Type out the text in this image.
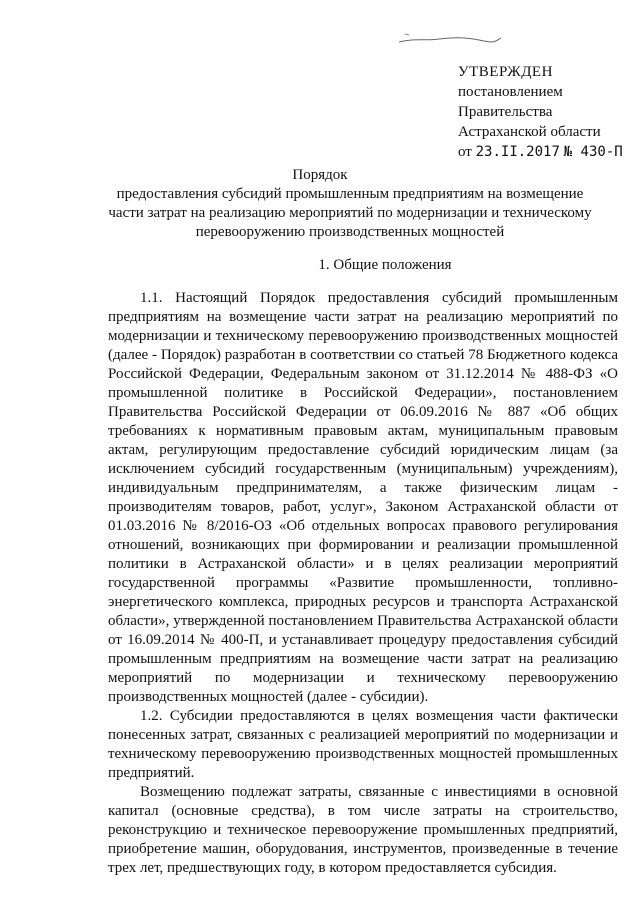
УТВЕРЖДЕН
постановлением
Правительства
Астраханской области
от 23.II.2017 № 430-П
Порядок
предоставления субсидий промышленным предприятиям на возмещение части затрат на реализацию мероприятий по модернизации и техническому перевооружению производственных мощностей
1. Общие положения

1.1. Настоящий Порядок предоставления субсидий промышленным предприятиям на возмещение части затрат на реализацию мероприятий по модернизации и техническому перевооружению производственных мощностей (далее - Порядок) разработан в соответствии со статьей 78 Бюджетного кодекса Российской Федерации, Федеральным законом от 31.12.2014 № 488-ФЗ «О промышленной политике в Российской Федерации», постановлением Правительства Российской Федерации от 06.09.2016 № 887 «Об общих требованиях к нормативным правовым актам, муниципальным правовым актам, регулирующим предоставление субсидий юридическим лицам (за исключением субсидий государственным (муниципальным) учреждениям), индивидуальным предпринимателям, а также физическим лицам - производителям товаров, работ, услуг», Законом Астраханской области от 01.03.2016 № 8/2016-ОЗ «Об отдельных вопросах правового регулирования отношений, возникающих при формировании и реализации промышленной политики в Астраханской области» и в целях реализации мероприятий государственной программы «Развитие промышленности, топливно-энергетического комплекса, природных ресурсов и транспорта Астраханской области», утвержденной постановлением Правительства Астраханской области от 16.09.2014 № 400-П, и устанавливает процедуру предоставления субсидий промышленным предприятиям на возмещение части затрат на реализацию мероприятий по модернизации и техническому перевооружению производственных мощностей (далее - субсидии).

1.2. Субсидии предоставляются в целях возмещения части фактически понесенных затрат, связанных с реализацией мероприятий по модернизации и техническому перевооружению производственных мощностей промышленных предприятий.

Возмещению подлежат затраты, связанные с инвестициями в основной капитал (основные средства), в том числе затраты на строительство, реконструкцию и техническое перевооружение промышленных предприятий, приобретение машин, оборудования, инструментов, произведенные в течение трех лет, предшествующих году, в котором предоставляется субсидия.
